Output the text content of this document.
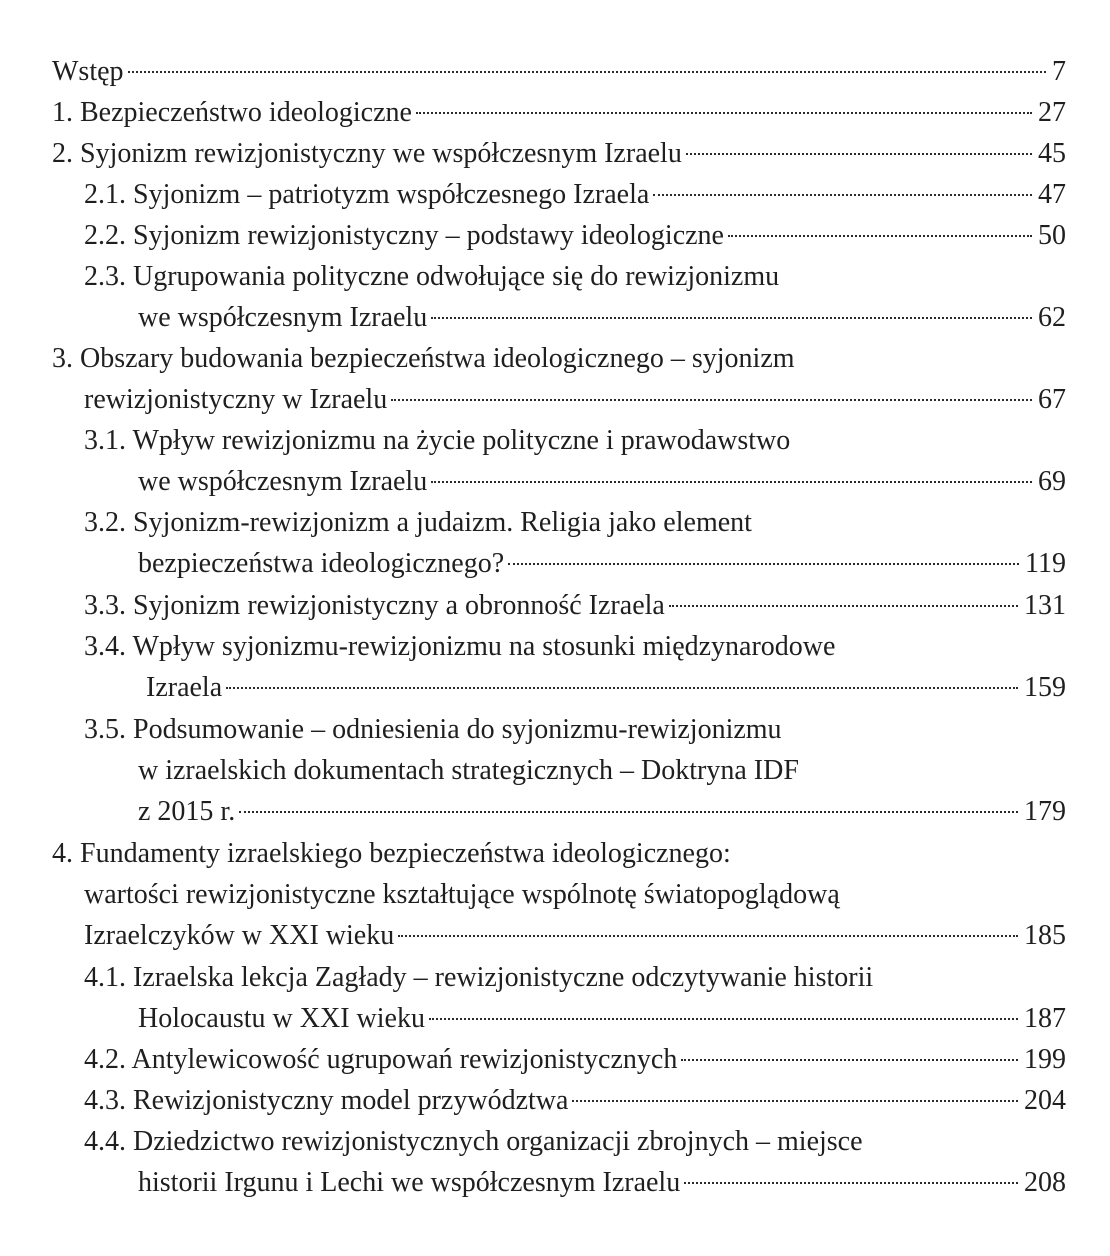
Wstęp	7
1. Bezpieczeństwo ideologiczne	27
2. Syjonizm rewizjonistyczny we współczesnym Izraelu	45
2.1. Syjonizm – patriotyzm współczesnego Izraela	47
2.2. Syjonizm rewizjonistyczny – podstawy ideologiczne	50
2.3. Ugrupowania polityczne odwołujące się do rewizjonizmu
we współczesnym Izraelu	62
3. Obszary budowania bezpieczeństwa ideologicznego – syjonizm
rewizjonistyczny w Izraelu	67
3.1. Wpływ rewizjonizmu na życie polityczne i prawodawstwo
we współczesnym Izraelu	69
3.2. Syjonizm-rewizjonizm a judaizm. Religia jako element
bezpieczeństwa ideologicznego?	119
3.3. Syjonizm rewizjonistyczny a obronność Izraela	131
3.4. Wpływ syjonizmu-rewizjonizmu na stosunki międzynarodowe
Izraela	159
3.5. Podsumowanie – odniesienia do syjonizmu-rewizjonizmu
w izraelskich dokumentach strategicznych – Doktryna IDF
z 2015 r.	179
4. Fundamenty izraelskiego bezpieczeństwa ideologicznego:
wartości rewizjonistyczne kształtujące wspólnotę światopoglądową
Izraelczyków w XXI wieku	185
4.1. Izraelska lekcja Zagłady – rewizjonistyczne odczytywanie historii
Holocaustu w XXI wieku	187
4.2. Antylewicowość ugrupowań rewizjonistycznych	199
4.3. Rewizjonistyczny model przywództwa	204
4.4. Dziedzictwo rewizjonistycznych organizacji zbrojnych – miejsce
historii Irgunu i Lechi we współczesnym Izraelu	208
